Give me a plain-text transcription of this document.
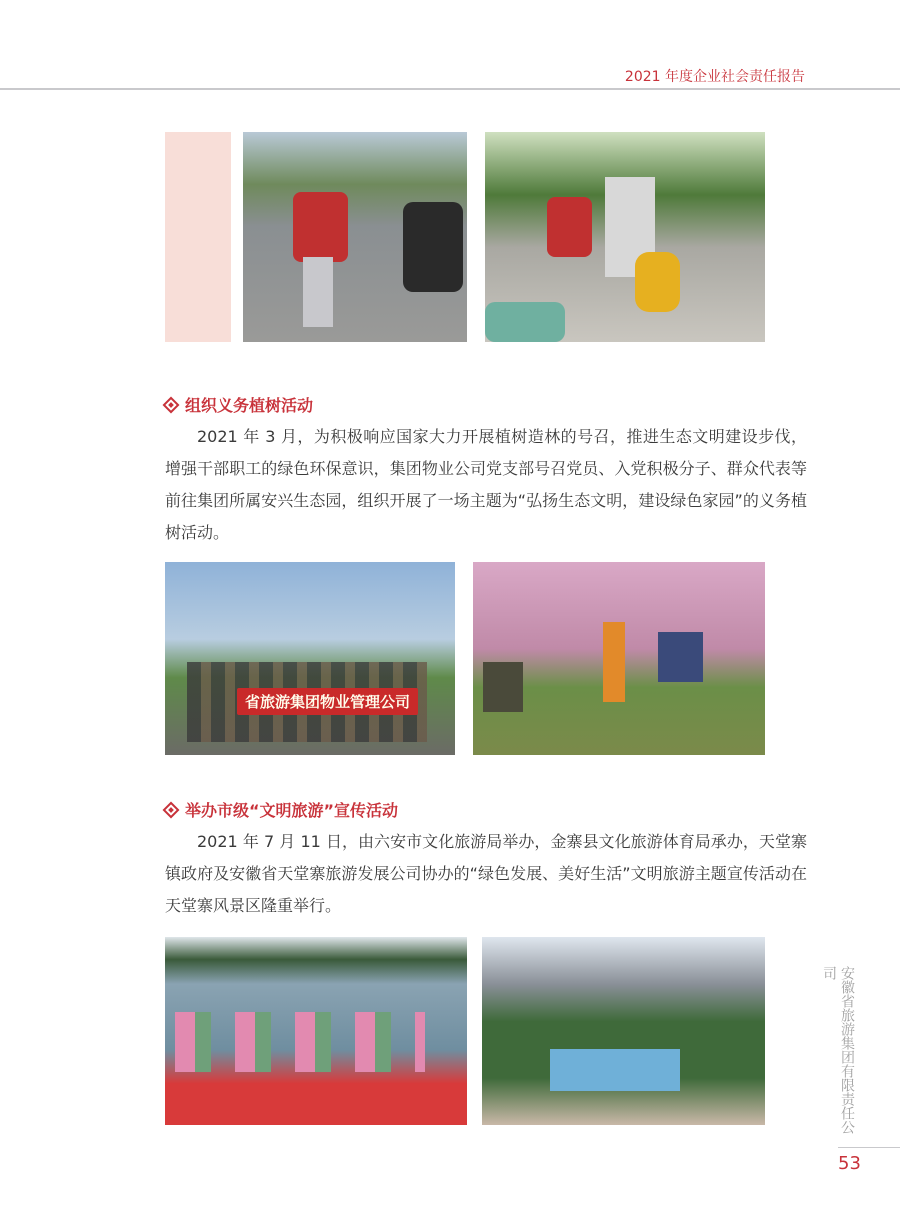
2021 年度企业社会责任报告
组织义务植树活动
2021 年 3 月，为积极响应国家大力开展植树造林的号召，推进生态文明建设步伐，增强干部职工的绿色环保意识，集团物业公司党支部号召党员、入党积极分子、群众代表等前往集团所属安兴生态园，组织开展了一场主题为“弘扬生态文明，建设绿色家园”的义务植树活动。
省旅游集团物业管理公司
举办市级“文明旅游”宣传活动
2021 年 7 月 11 日，由六安市文化旅游局举办，金寨县文化旅游体育局承办，天堂寨镇政府及安徽省天堂寨旅游发展公司协办的“绿色发展、美好生活”文明旅游主题宣传活动在天堂寨风景区隆重举行。
安徽省旅游集团有限责任公司
53
